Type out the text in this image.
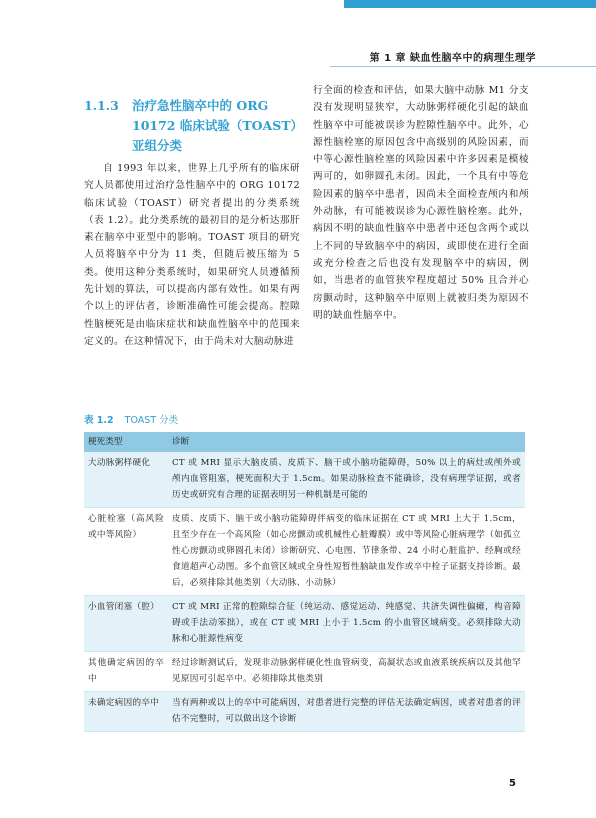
第 1 章 缺血性脑卒中的病理生理学
1.1.3	治疗急性脑卒中的 ORG 10172 临床试验（TOAST）亚组分类

自 1993 年以来，世界上几乎所有的临床研究人员都使用过治疗急性脑卒中的 ORG 10172 临床试验（TOAST）研究者提出的分类系统（表 1.2）。此分类系统的最初目的是分析达那肝素在脑卒中亚型中的影响。TOAST 项目的研究人员将脑卒中分为 11 类，但随后被压缩为 5 类。使用这种分类系统时，如果研究人员遵循预先计划的算法，可以提高内部有效性。如果有两个以上的评估者，诊断准确性可能会提高。腔隙性脑梗死是由临床症状和缺血性脑卒中的范围来定义的。在这种情况下，由于尚未对大脑动脉进

行全面的检查和评估，如果大脑中动脉 M1 分支没有发现明显狭窄，大动脉粥样硬化引起的缺血性脑卒中可能被误诊为腔隙性脑卒中。此外，心源性脑栓塞的原因包含中高级别的风险因素，而中等心源性脑栓塞的风险因素中许多因素是模棱两可的，如卵圆孔未闭。因此，一个具有中等危险因素的脑卒中患者，因尚未全面检查颅内和颅外动脉，有可能被误诊为心源性脑栓塞。此外，病因不明的缺血性脑卒中患者中还包含两个或以上不同的导致脑卒中的病因，或即使在进行全面或充分检查之后也没有发现脑卒中的病因，例如，当患者的血管狭窄程度超过 50% 且合并心房颤动时，这种脑卒中原则上就被归类为原因不明的缺血性脑卒中。

表 1.2 TOAST 分类
梗死类型	诊断
大动脉粥样硬化	CT 或 MRI 显示大脑皮质、皮质下、脑干或小脑功能障碍，50% 以上的病灶或颅外或颅内血管阻塞，梗死面积大于 1.5cm。如果动脉检查不能确诊，没有病理学证据，或者历史或研究有合理的证据表明另一种机制是可能的
心脏栓塞（高风险或中等风险）	皮质、皮质下、脑干或小脑功能障碍伴病变的临床证据在 CT 或 MRI 上大于 1.5cm，且至少存在一个高风险（如心房颤动或机械性心脏瓣膜）或中等风险心脏病理学（如孤立性心房颤动或卵圆孔未闭）诊断研究、心电图、节律条带、24 小时心脏监护、经胸或经食道超声心动图。多个血管区域或全身性短暂性脑缺血发作或卒中栓子证据支持诊断。最后，必须排除其他类别（大动脉、小动脉）
小血管闭塞（腔）	CT 或 MRI 正常的腔隙综合征（纯运动、感觉运动、纯感觉、共济失调性偏瘫，构音障碍或手法动笨拙），或在 CT 或 MRI 上小于 1.5cm 的小血管区域病变。必须排除大动脉和心脏源性病变
其他确定病因的卒中	经过诊断测试后，发现非动脉粥样硬化性血管病变，高凝状态或血液系统疾病以及其他罕见原因可引起卒中。必须排除其他类别
未确定病因的卒中	当有两种或以上的卒中可能病因，对患者进行完整的评估无法确定病因，或者对患者的评估不完整时，可以做出这个诊断
5
